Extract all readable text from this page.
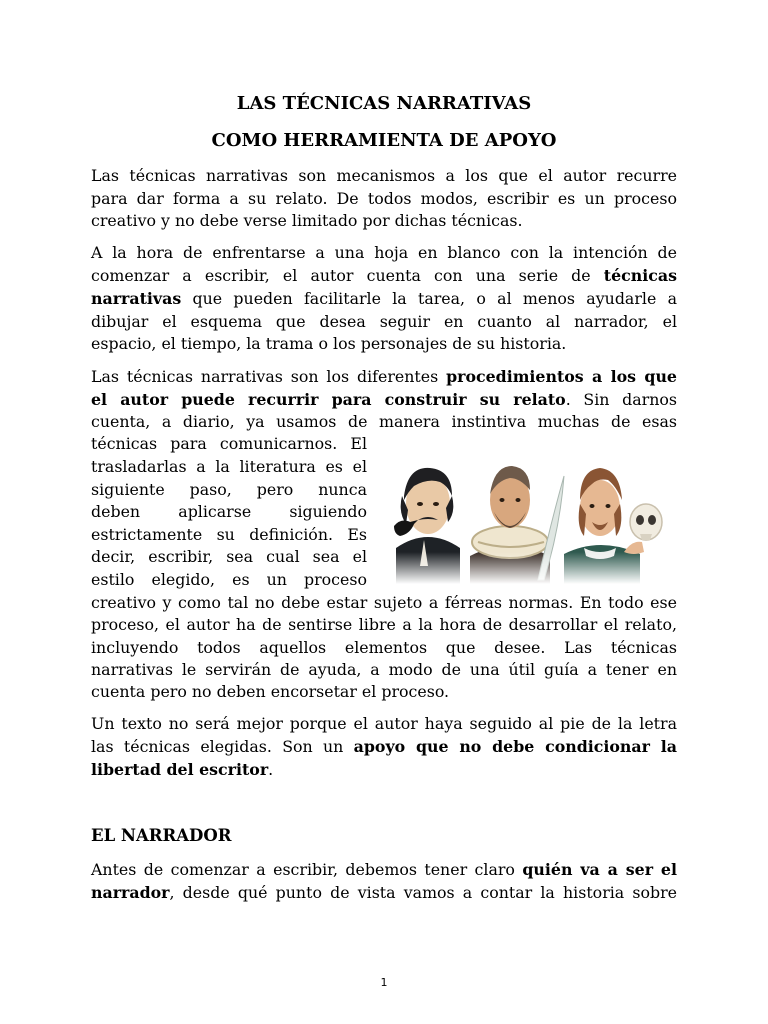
LAS TÉCNICAS NARRATIVAS
COMO HERRAMIENTA DE APOYO
Las técnicas narrativas son mecanismos a los que el autor recurre
para dar forma a su relato. De todos modos, escribir es un proceso
creativo y no debe verse limitado por dichas técnicas.
A la hora de enfrentarse a una hoja en blanco con la intención de
comenzar a escribir, el autor cuenta con una serie de técnicas
narrativas que pueden facilitarle la tarea, o al menos ayudarle a
dibujar el esquema que desea seguir en cuanto al narrador, el
espacio, el tiempo, la trama o los personajes de su historia.
Las técnicas narrativas son los diferentes procedimientos a los que
el autor puede recurrir para construir su relato. Sin darnos
cuenta, a diario, ya usamos de manera instintiva muchas de esas
técnicas para comunicarnos. El
trasladarlas a la literatura es el
siguiente paso, pero nunca
deben aplicarse siguiendo
estrictamente su definición. Es
decir, escribir, sea cual sea el
estilo elegido, es un proceso
creativo y como tal no debe estar sujeto a férreas normas. En todo ese
proceso, el autor ha de sentirse libre a la hora de desarrollar el relato,
incluyendo todos aquellos elementos que desee. Las técnicas
narrativas le servirán de ayuda, a modo de una útil guía a tener en
cuenta pero no deben encorsetar el proceso.
Un texto no será mejor porque el autor haya seguido al pie de la letra
las técnicas elegidas. Son un apoyo que no debe condicionar la
libertad del escritor.
EL NARRADOR
Antes de comenzar a escribir, debemos tener claro quién va a ser el
narrador, desde qué punto de vista vamos a contar la historia sobre
1
